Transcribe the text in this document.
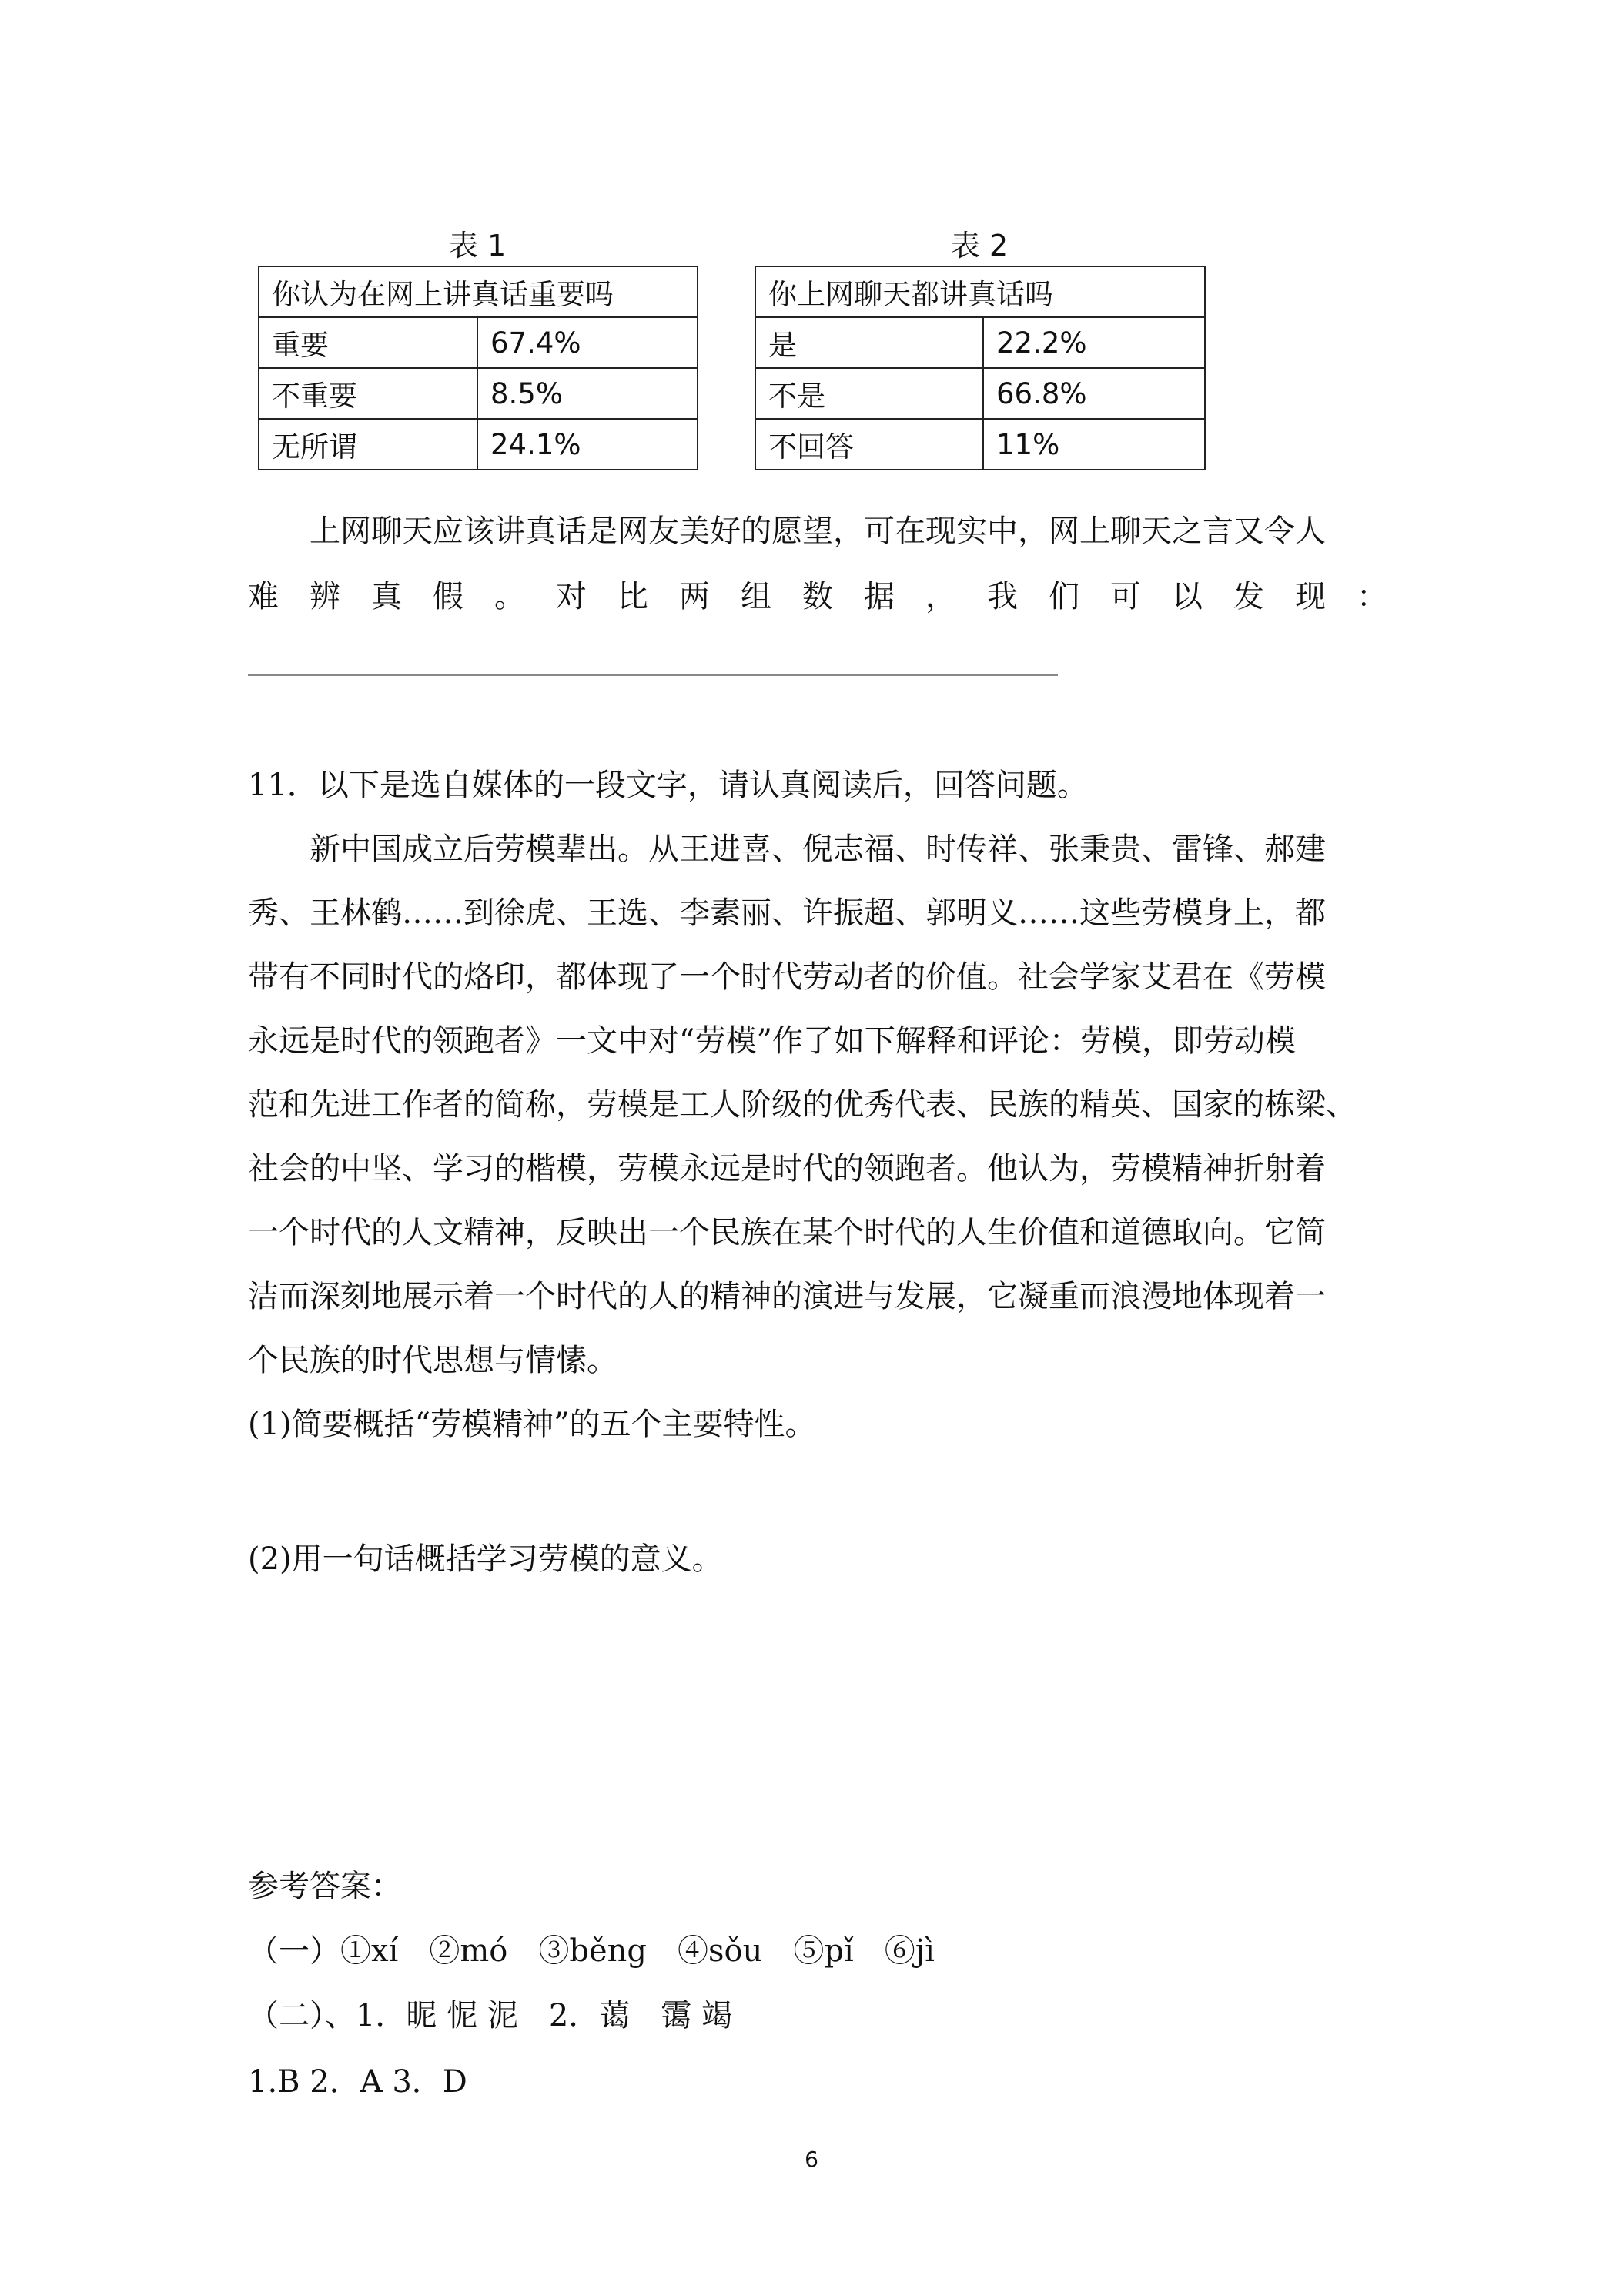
表 1
你认为在网上讲真话重要吗	
重要	67.4%
不重要	8.5%
无所谓	24.1%
表 2
你上网聊天都讲真话吗	
是	22.2%
不是	66.8%
不回答	11%
上网聊天应该讲真话是网友美好的愿望，可在现实中，网上聊天之言又令人
难 辨 真 假 。 对 比 两 组 数 据 ， 我 们 可 以 发 现 ：
11．以下是选自媒体的一段文字，请认真阅读后，回答问题。
新中国成立后劳模辈出。从王进喜、倪志福、时传祥、张秉贵、雷锋、郝建
秀、王林鹤……到徐虎、王选、李素丽、许振超、郭明义……这些劳模身上，都
带有不同时代的烙印，都体现了一个时代劳动者的价值。社会学家艾君在《劳模
永远是时代的领跑者》一文中对“劳模”作了如下解释和评论：劳模，即劳动模
范和先进工作者的简称，劳模是工人阶级的优秀代表、民族的精英、国家的栋梁、
社会的中坚、学习的楷模，劳模永远是时代的领跑者。他认为，劳模精神折射着
一个时代的人文精神，反映出一个民族在某个时代的人生价值和道德取向。它简
洁而深刻地展示着一个时代的人的精神的演进与发展，它凝重而浪漫地体现着一
个民族的时代思想与情愫。
(1)简要概括“劳模精神”的五个主要特性。
(2)用一句话概括学习劳模的意义。
参考答案：
（一）①xí　②mó　③běng　④sǒu　⑤pǐ　⑥jì
（二）、1．昵 怩 泥　2．蔼　霭 竭
1.B 2．A 3．D
6
